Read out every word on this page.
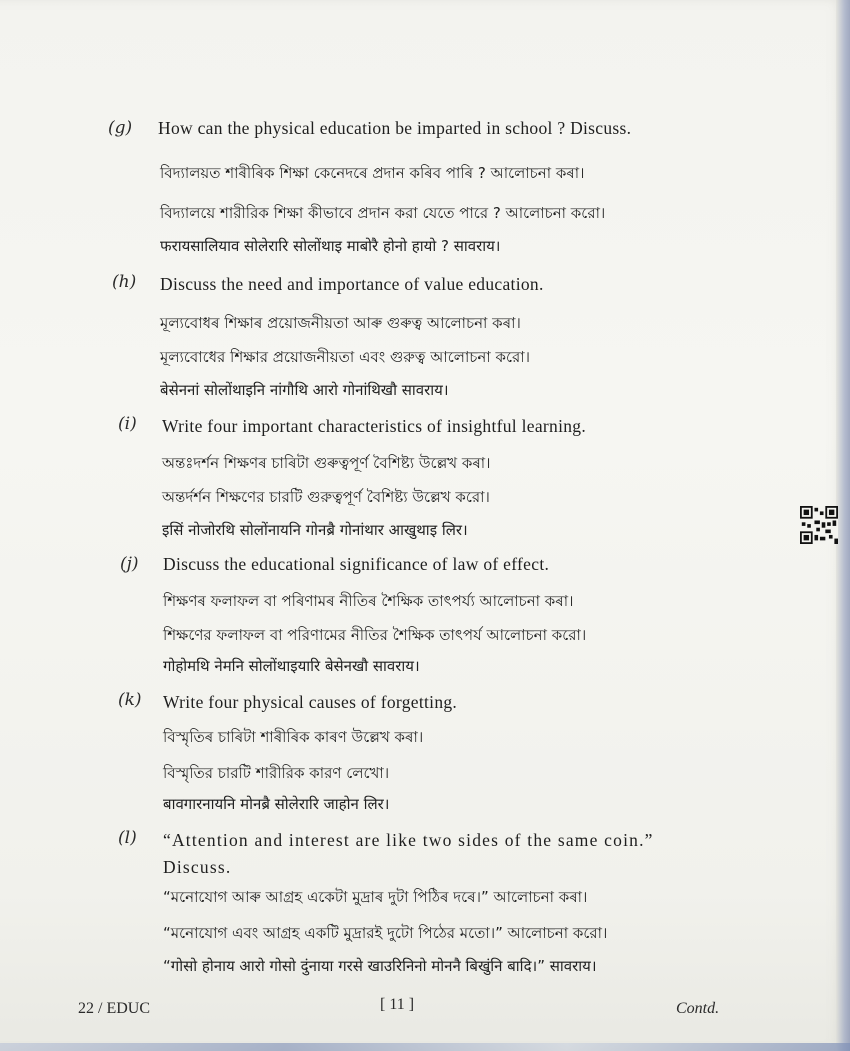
(g) How can the physical education be imparted in school ? Discuss.
বিদ্যালয়ত শাৰীৰিক শিক্ষা কেনেদৰে প্ৰদান কৰিব পাৰি ? আলোচনা কৰা।
বিদ্যালয়ে শারীরিক শিক্ষা কীভাবে প্রদান করা যেতে পারে ? আলোচনা করো।
फरायसालियाव सोलेरारि सोलोंथाइ माबोरै होनो हायो ? सावराय।
(h) Discuss the need and importance of value education.
মূল্যবোধৰ শিক্ষাৰ প্ৰয়োজনীয়তা আৰু গুৰুত্ব আলোচনা কৰা।
মূল্যবোধের শিক্ষার প্রয়োজনীয়তা এবং গুরুত্ব আলোচনা করো।
बेसेननां सोलोंथाइनि नांगौथि आरो गोनांथिखौ सावराय।
(i) Write four important characteristics of insightful learning.
অন্তঃদৰ্শন শিক্ষণৰ চাৰিটা গুৰুত্বপূৰ্ণ বৈশিষ্ট্য উল্লেখ কৰা।
অন্তর্দর্শন শিক্ষণের চারটি গুরুত্বপূর্ণ বৈশিষ্ট্য উল্লেখ করো।
इसिं नोजोरथि सोलोंनायनि गोनब्रै गोनांथार आखुथाइ लिर।
(j) Discuss the educational significance of law of effect.
শিক্ষণৰ ফলাফল বা পৰিণামৰ নীতিৰ শৈক্ষিক তাৎপৰ্য্য আলোচনা কৰা।
শিক্ষণের ফলাফল বা পরিণামের নীতির শৈক্ষিক তাৎপর্য আলোচনা করো।
गोहोमथि नेमनि सोलोंथाइयारि बेसेनखौ सावराय।
(k) Write four physical causes of forgetting.
বিস্মৃতিৰ চাৰিটা শাৰীৰিক কাৰণ উল্লেখ কৰা।
বিস্মৃতির চারটি শারীরিক কারণ লেখো।
बावगारनायनि मोनब्रै सोलेरारि जाहोन लिर।
(l) “Attention and interest are like two sides of the same coin.”
Discuss.
“মনোযোগ আৰু আগ্ৰহ একেটা মুদ্ৰাৰ দুটা পিঠিৰ দৰে।” আলোচনা কৰা।
“মনোযোগ এবং আগ্রহ একটি মুদ্রারই দুটো পিঠের মতো।” আলোচনা করো।
“गोसो होनाय आरो गोसो दुंनाया गरसे खाउरिनिनो मोननै बिखुंनि बादि।” सावराय।
22 / EDUC	[ 11 ]	Contd.
